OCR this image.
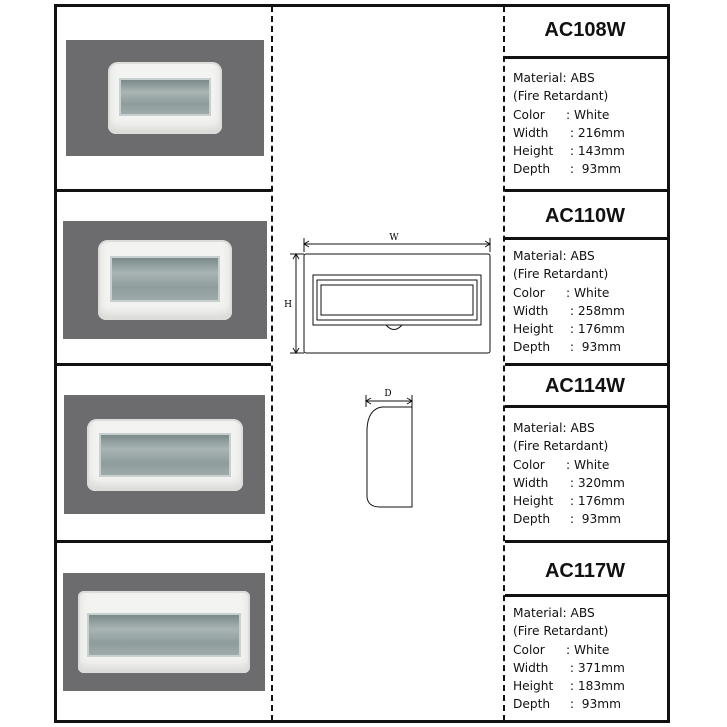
W
H
D
AC108W
AC110W
AC114W
AC117W
Material: ABS
(Fire Retardant)
Color : White
Width : 216mm
Height : 143mm
Depth :  93mm
Material: ABS
(Fire Retardant)
Color : White
Width : 258mm
Height : 176mm
Depth :  93mm
Material: ABS
(Fire Retardant)
Color : White
Width : 320mm
Height : 176mm
Depth :  93mm
Material: ABS
(Fire Retardant)
Color : White
Width : 371mm
Height : 183mm
Depth :  93mm
